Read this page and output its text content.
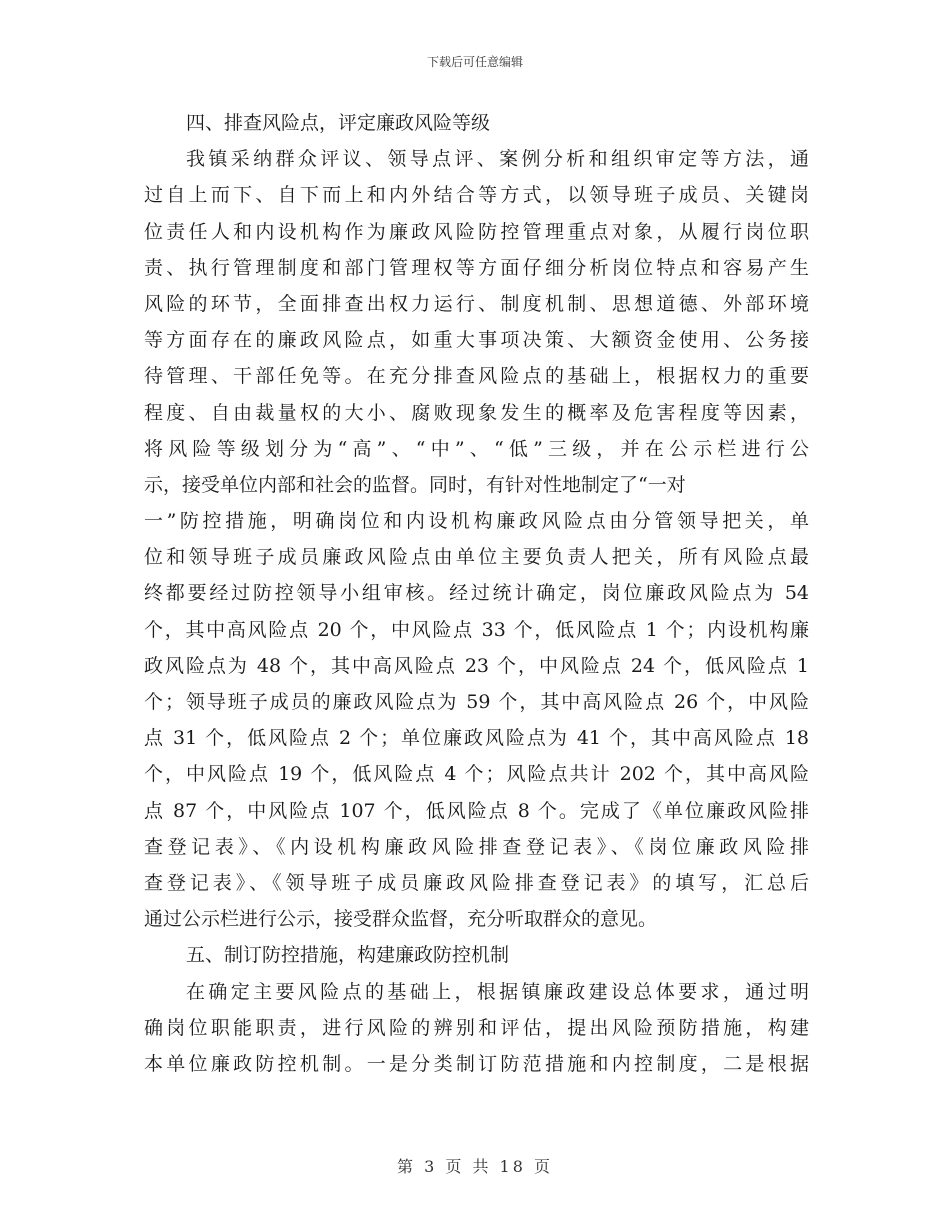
下载后可任意编辑
四、排查风险点，评定廉政风险等级
我镇采纳群众评议、领导点评、案例分析和组织审定等方法，通
过自上而下、自下而上和内外结合等方式，以领导班子成员、关键岗
位责任人和内设机构作为廉政风险防控管理重点对象，从履行岗位职
责、执行管理制度和部门管理权等方面仔细分析岗位特点和容易产生
风险的环节，全面排查出权力运行、制度机制、思想道德、外部环境
等方面存在的廉政风险点，如重大事项决策、大额资金使用、公务接
待管理、干部任免等。在充分排查风险点的基础上，根据权力的重要
程度、自由裁量权的大小、腐败现象发生的概率及危害程度等因素，
将风险等级划分为“高”、“中”、“低”三级，并在公示栏进行公
示，接受单位内部和社会的监督。同时，有针对性地制定了“一对
一”防控措施，明确岗位和内设机构廉政风险点由分管领导把关，单
位和领导班子成员廉政风险点由单位主要负责人把关，所有风险点最
终都要经过防控领导小组审核。经过统计确定，岗位廉政风险点为 54
个，其中高风险点 20 个，中风险点 33 个，低风险点 1 个；内设机构廉
政风险点为 48 个，其中高风险点 23 个，中风险点 24 个，低风险点 1
个；领导班子成员的廉政风险点为 59 个，其中高风险点 26 个，中风险
点 31 个，低风险点 2 个；单位廉政风险点为 41 个，其中高风险点 18
个，中风险点 19 个，低风险点 4 个；风险点共计 202 个，其中高风险
点 87 个，中风险点 107 个，低风险点 8 个。完成了《单位廉政风险排
查登记表》、《内设机构廉政风险排查登记表》、《岗位廉政风险排
查登记表》、《领导班子成员廉政风险排查登记表》的填写，汇总后
通过公示栏进行公示，接受群众监督，充分听取群众的意见。
五、制订防控措施，构建廉政防控机制
在确定主要风险点的基础上，根据镇廉政建设总体要求，通过明
确岗位职能职责，进行风险的辨别和评估，提出风险预防措施，构建
本单位廉政防控机制。一是分类制订防范措施和内控制度，二是根据
第 3 页 共 18 页
